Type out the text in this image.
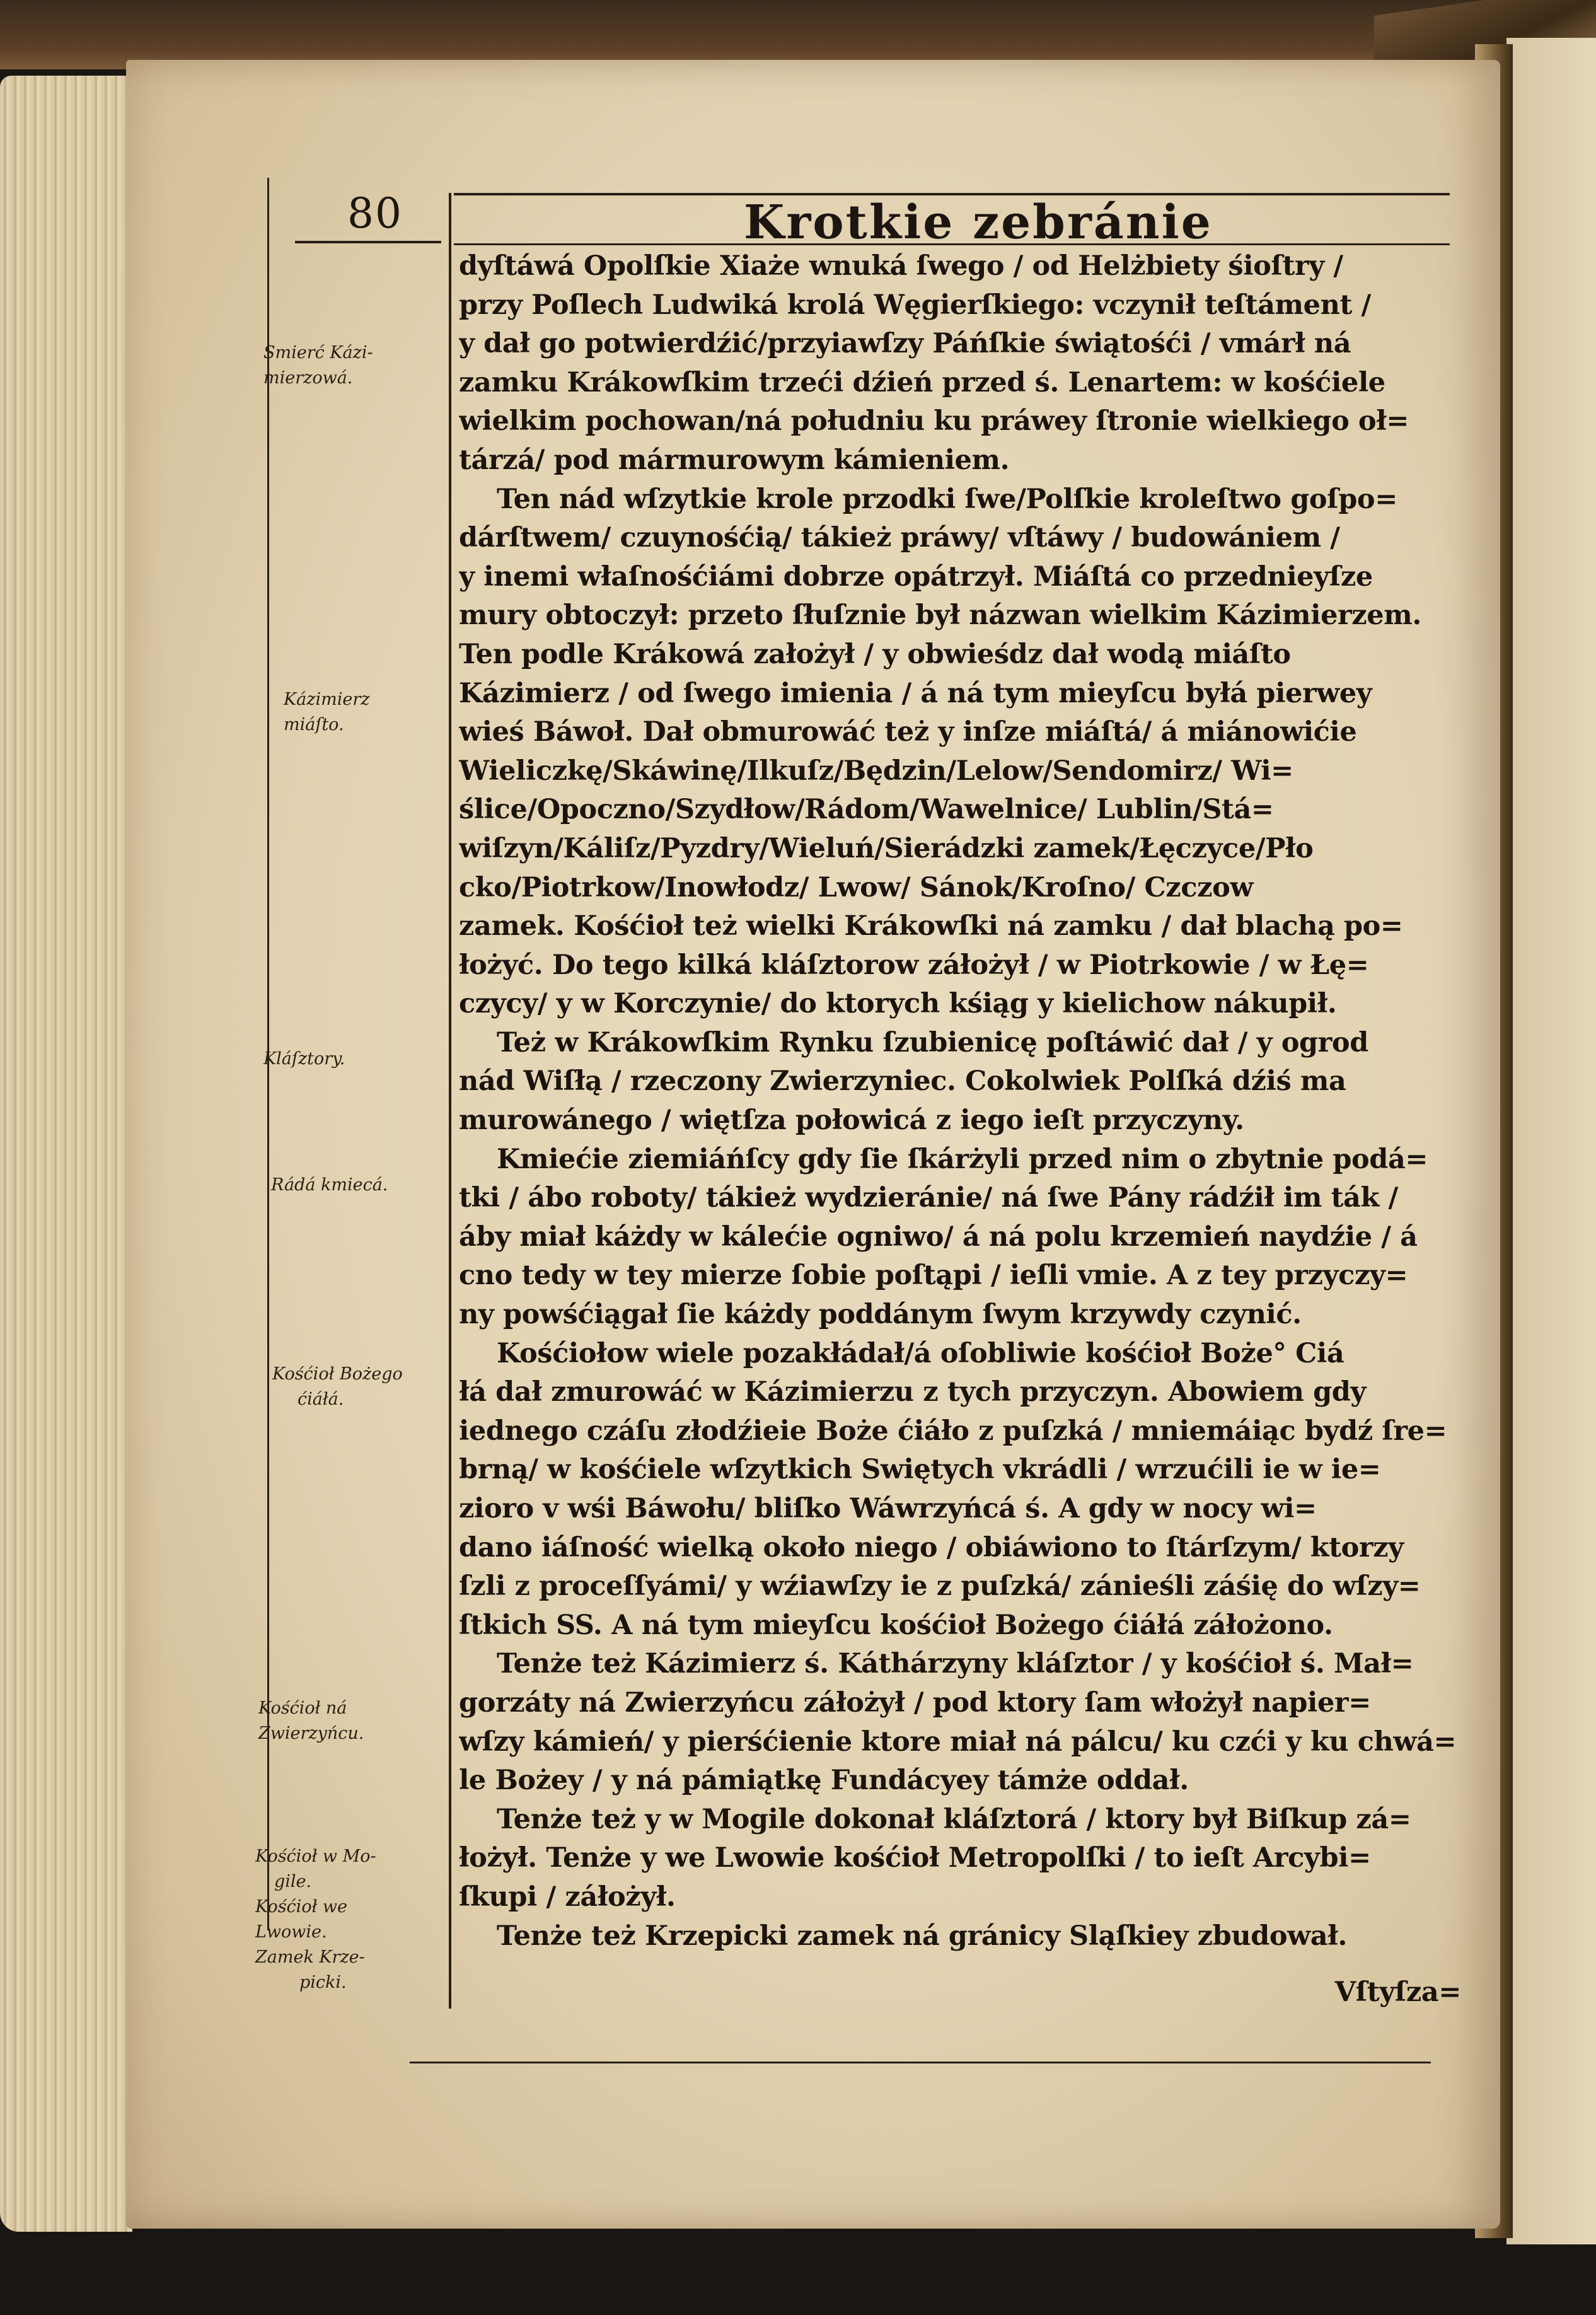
80	Krotkie zebránie
dyſtáwá Opolſkie Xiaże wnuká ſwego / od Helżbiety śioſtry /
przy Poſlech Ludwiká krolá Węgierſkiego: vczynił teſtáment /
y dał go potwierdźić/przyiawſzy Páńſkie świątośći / vmárł ná
zamku Krákowſkim trzeći dźień przed ś. Lenartem: w kośćiele
wielkim pochowan/ná południu ku práwey ſtronie wielkiego oł=
tárzá/ pod mármurowym kámieniem.
Ten nád wſzytkie krole przodki ſwe/Polſkie kroleſtwo goſpo=
dárſtwem/ czuynośćią/ tákież práwy/ vſtáwy / budowániem /
y inemi właſnośćiámi dobrze opátrzył. Miáſtá co przednieyſze
mury obtoczył: przeto ſłuſznie był názwan wielkim Kázimierzem.
Ten podle Krákowá założył / y obwieśdz dał wodą miáſto
Kázimierz / od ſwego imienia / á ná tym mieyſcu byłá pierwey
wieś Báwoł. Dał obmurowáć też y inſze miáſtá/ á miánowićie
Wieliczkę/Skáwinę/Ilkuſz/Będzin/Lelow/Sendomirz/ Wi=
ślice/Opoczno/Szydłow/Rádom/Wawelnice/ Lublin/Stá=
wiſzyn/Káliſz/Pyzdry/Wieluń/Sierádzki zamek/Łęczyce/Pło
cko/Piotrkow/Inowłodz/ Lwow/ Sánok/Kroſno/ Czczow
zamek. Kośćioł też wielki Krákowſki ná zamku / dał blachą po=
łożyć. Do tego kilká kláſztorow záłożył / w Piotrkowie / w Łę=
czycy/ y w Korczynie/ do ktorych kśiąg y kielichow nákupił.
Też w Krákowſkim Rynku ſzubienicę poſtáwić dał / y ogrod
nád Wiſłą / rzeczony Zwierzyniec. Cokolwiek Polſká dźiś ma
murowánego / więtſza połowicá z iego ieſt przyczyny.
Kmiećie ziemiáńſcy gdy ſie ſkárżyli przed nim o zbytnie podá=
tki / ábo roboty/ tákież wydzieránie/ ná ſwe Pány rádźił im ták /
áby miał káżdy w kálećie ogniwo/ á ná polu krzemień naydźie / á
cno tedy w tey mierze ſobie poſtąpi / ieſli vmie. A z tey przyczy=
ny powśćiągał ſie káżdy poddánym ſwym krzywdy czynić.
Kośćiołow wiele pozakłádał/á oſobliwie kośćioł Boże° Ciá
łá dał zmurowáć w Kázimierzu z tych przyczyn. Abowiem gdy
iednego czáſu złodźieie Boże ćiáło z puſzká / mniemáiąc bydź ſre=
brną/ w kośćiele wſzytkich Swiętych vkrádli / wrzućili ie w ie=
zioro v wśi Báwołu/ bliſko Wáwrzyńcá ś. A gdy w nocy wi=
dano iáſność wielką około niego / obiáwiono to ſtárſzym/ ktorzy
ſzli z proceſſyámi/ y wźiawſzy ie z puſzká/ zánieśli záśię do wſzy=
ſtkich SS. A ná tym mieyſcu kośćioł Bożego ćiáłá záłożono.
Tenże też Kázimierz ś. Káthárzyny kláſztor / y kośćioł ś. Mał=
gorzáty ná Zwierzyńcu záłożył / pod ktory ſam włożył napier=
wſzy kámień/ y pierśćienie ktore miał ná pálcu/ ku czći y ku chwá=
le Bożey / y ná pámiątkę Fundácyey támże oddał.
Tenże też y w Mogile dokonał kláſztorá / ktory był Biſkup zá=
łożył. Tenże y we Lwowie kośćioł Metropolſki / to ieſt Arcybi=
ſkupi / záłożył.
Tenże też Krzepicki zamek ná gránicy Sląſkiey zbudował.
Vſtyſza=
Smierć Kázi-
mierzowá.
Kázimierz
miáſto.
Kláſztory.
Rádá kmiecá.
Kośćioł Bożego
ćiáłá.
Kośćioł ná
Zwierzyńcu.
Kośćioł w Mo-
gile.
Kośćioł we
Lwowie.
Zamek Krze-
picki.
